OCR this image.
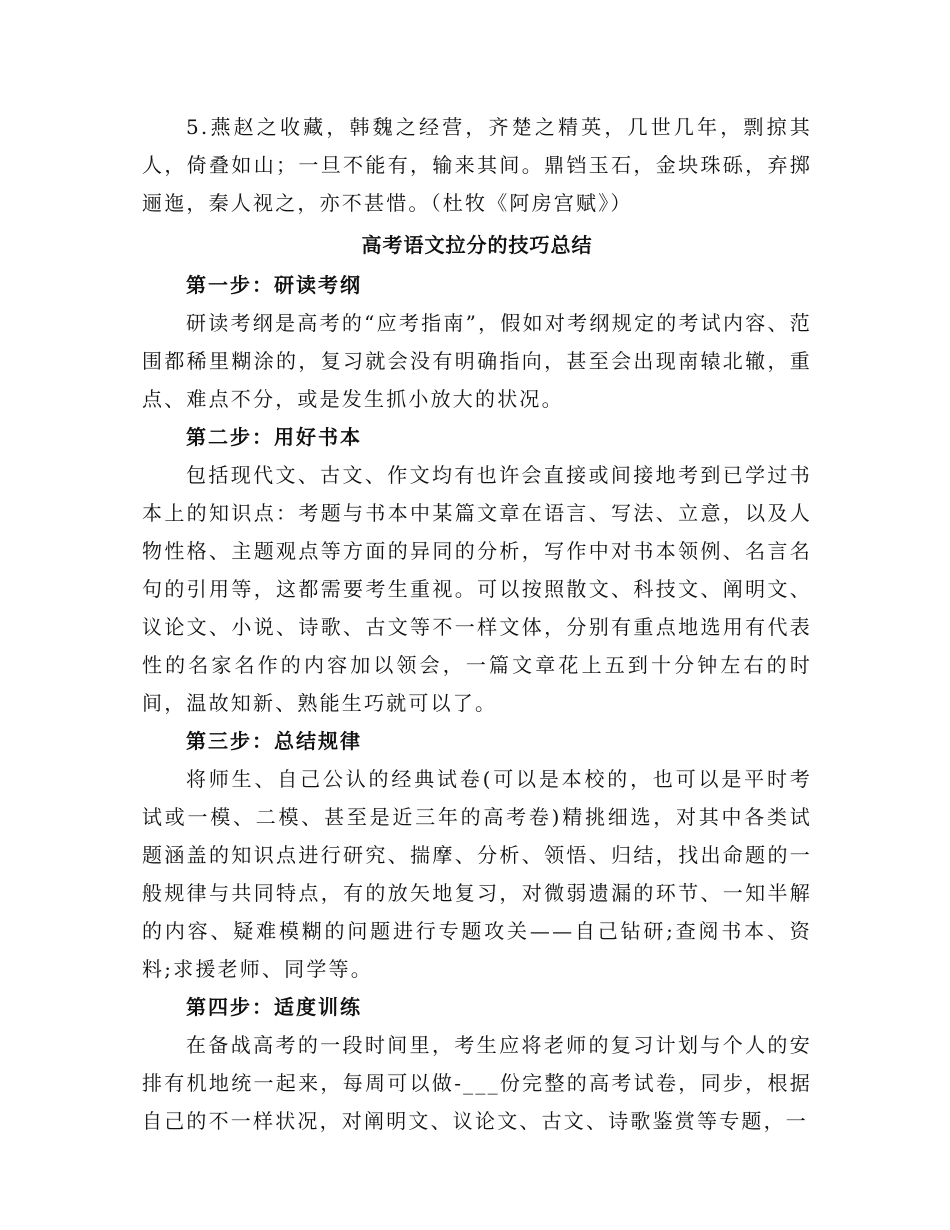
5.燕赵之收藏，韩魏之经营，齐楚之精英，几世几年，剽掠其人，倚叠如山；一旦不能有，输来其间。鼎铛玉石，金块珠砾，弃掷逦迤，秦人视之，亦不甚惜。（杜牧《阿房宫赋》）

高考语文拉分的技巧总结

第一步：研读考纲

研读考纲是高考的“应考指南”，假如对考纲规定的考试内容、范围都稀里糊涂的，复习就会没有明确指向，甚至会出现南辕北辙，重点、难点不分，或是发生抓小放大的状况。

第二步：用好书本

包括现代文、古文、作文均有也许会直接或间接地考到已学过书本上的知识点：考题与书本中某篇文章在语言、写法、立意，以及人物性格、主题观点等方面的异同的分析，写作中对书本领例、名言名句的引用等，这都需要考生重视。可以按照散文、科技文、阐明文、议论文、小说、诗歌、古文等不一样文体，分别有重点地选用有代表性的名家名作的内容加以领会，一篇文章花上五到十分钟左右的时间，温故知新、熟能生巧就可以了。

第三步：总结规律

将师生、自己公认的经典试卷(可以是本校的，也可以是平时考试或一模、二模、甚至是近三年的高考卷)精挑细选，对其中各类试题涵盖的知识点进行研究、揣摩、分析、领悟、归结，找出命题的一般规律与共同特点，有的放矢地复习，对微弱遗漏的环节、一知半解的内容、疑难模糊的问题进行专题攻关——自己钻研;查阅书本、资料;求援老师、同学等。

第四步：适度训练

在备战高考的一段时间里，考生应将老师的复习计划与个人的安排有机地统一起来，每周可以做-___份完整的高考试卷，同步，根据自己的不一样状况，对阐明文、议论文、古文、诗歌鉴赏等专题，一
